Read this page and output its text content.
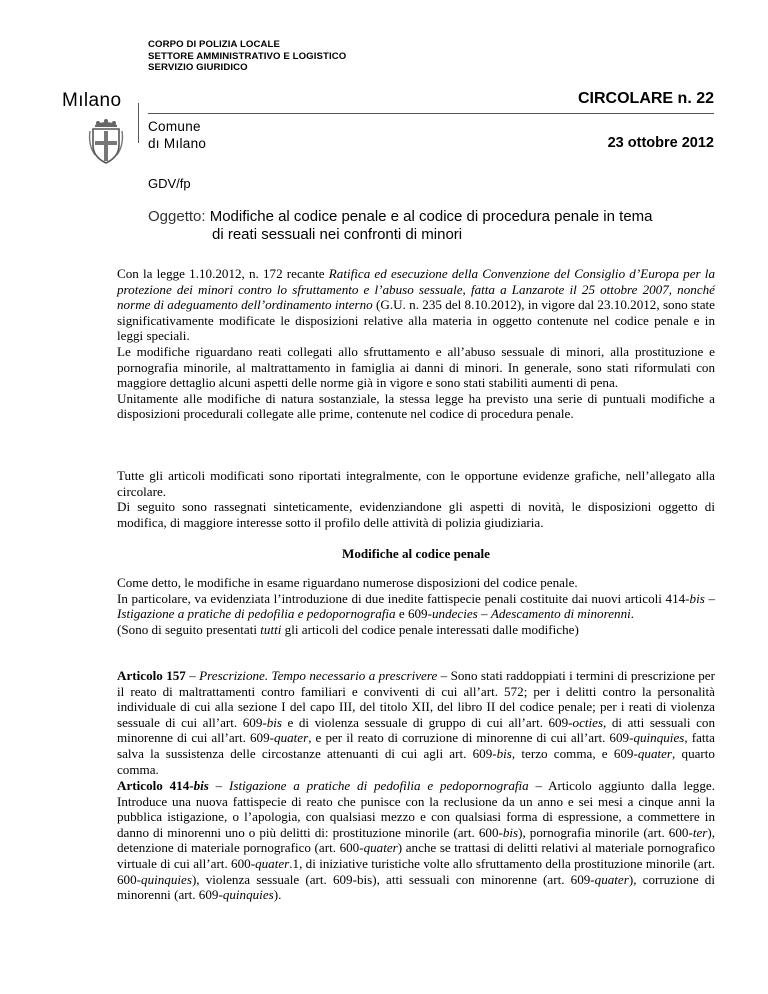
CORPO DI POLIZIA LOCALE
SETTORE AMMINISTRATIVO E LOGISTICO
SERVIZIO GIURIDICO
Mılano
Comune
dı Mılano
CIRCOLARE n. 22
23 ottobre 2012
GDV/fp
Oggetto: Modifiche al codice penale e al codice di procedura penale in tema
di reati sessuali nei confronti di minori

Con la legge 1.10.2012, n. 172 recante Ratifica ed esecuzione della Convenzione del Consiglio d’Europa per la protezione dei minori contro lo sfruttamento e l’abuso sessuale, fatta a Lanzarote il 25 ottobre 2007, nonché norme di adeguamento dell’ordinamento interno (G.U. n. 235 del 8.10.2012), in vigore dal 23.10.2012, sono state significativamente modificate le disposizioni relative alla materia in oggetto contenute nel codice penale e in leggi speciali.

Le modifiche riguardano reati collegati allo sfruttamento e all’abuso sessuale di minori, alla prostituzione e pornografia minorile, al maltrattamento in famiglia ai danni di minori. In generale, sono stati riformulati con maggiore dettaglio alcuni aspetti delle norme già in vigore e sono stati stabiliti aumenti di pena.

Unitamente alle modifiche di natura sostanziale, la stessa legge ha previsto una serie di puntuali modifiche a disposizioni procedurali collegate alle prime, contenute nel codice di procedura penale.

Tutte gli articoli modificati sono riportati integralmente, con le opportune evidenze grafiche, nell’allegato alla circolare.

Di seguito sono rassegnati sinteticamente, evidenziandone gli aspetti di novità, le disposizioni oggetto di modifica, di maggiore interesse sotto il profilo delle attività di polizia giudiziaria.

Modifiche al codice penale

Come detto, le modifiche in esame riguardano numerose disposizioni del codice penale.

In particolare, va evidenziata l’introduzione di due inedite fattispecie penali costituite dai nuovi articoli 414-bis – Istigazione a pratiche di pedofilia e pedopornografia e 609-undecies – Adescamento di minorenni.

(Sono di seguito presentati tutti gli articoli del codice penale interessati dalle modifiche)

Articolo 157 – Prescrizione. Tempo necessario a prescrivere – Sono stati raddoppiati i termini di prescrizione per il reato di maltrattamenti contro familiari e conviventi di cui all’art. 572; per i delitti contro la personalità individuale di cui alla sezione I del capo III, del titolo XII, del libro II del codice penale; per i reati di violenza sessuale di cui all’art. 609-bis e di violenza sessuale di gruppo di cui all’art. 609-octies, di atti sessuali con minorenne di cui all’art. 609-quater, e per il reato di corruzione di minorenne di cui all’art. 609-quinquies, fatta salva la sussistenza delle circostanze attenuanti di cui agli art. 609-bis, terzo comma, e 609-quater, quarto comma.

Articolo 414-bis – Istigazione a pratiche di pedofilia e pedopornografia – Articolo aggiunto dalla legge. Introduce una nuova fattispecie di reato che punisce con la reclusione da un anno e sei mesi a cinque anni la pubblica istigazione, o l’apologia, con qualsiasi mezzo e con qualsiasi forma di espressione, a commettere in danno di minorenni uno o più delitti di: prostituzione minorile (art. 600-bis), pornografia minorile (art. 600-ter), detenzione di materiale pornografico (art. 600-quater) anche se trattasi di delitti relativi al materiale pornografico virtuale di cui all’art. 600-quater.1, di iniziative turistiche volte allo sfruttamento della prostituzione minorile (art. 600-quinquies), violenza sessuale (art. 609-bis), atti sessuali con minorenne (art. 609-quater), corruzione di minorenni (art. 609-quinquies).
